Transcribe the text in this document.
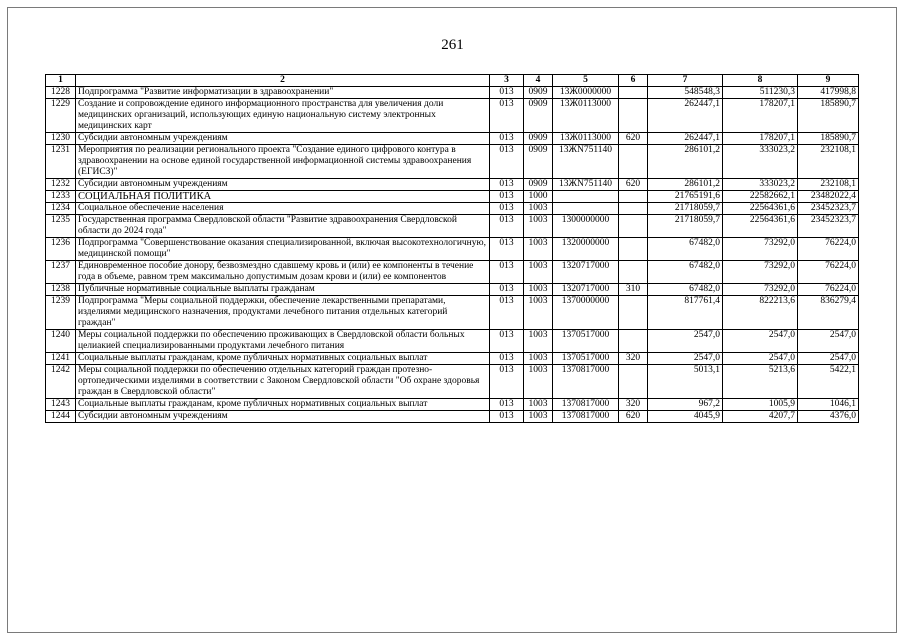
261
1	2	3	4	5	6	7	8	9
1228	Подпрограмма "Развитие информатизации в здравоохранении"	013	0909	13Ж0000000		548548,3	511230,3	417998,8
1229	Создание и сопровождение единого информационного пространства для увеличения доли медицинских организаций, использующих единую национальную систему электронных медицинских карт	013	0909	13Ж0113000		262447,1	178207,1	185890,7
1230	Субсидии автономным учреждениям	013	0909	13Ж0113000	620	262447,1	178207,1	185890,7
1231	Мероприятия по реализации регионального проекта "Создание единого цифрового контура в здравоохранении на основе единой государственной информационной системы здравоохранения (ЕГИСЗ)"	013	0909	13ЖN751140		286101,2	333023,2	232108,1
1232	Субсидии автономным учреждениям	013	0909	13ЖN751140	620	286101,2	333023,2	232108,1
1233	СОЦИАЛЬНАЯ ПОЛИТИКА	013	1000			21765191,6	22582662,1	23482022,4
1234	Социальное обеспечение населения	013	1003			21718059,7	22564361,6	23452323,7
1235	Государственная программа Свердловской области "Развитие здравоохранения Свердловской области до 2024 года"	013	1003	1300000000		21718059,7	22564361,6	23452323,7
1236	Подпрограмма "Совершенствование оказания специализированной, включая высокотехнологичную, медицинской помощи"	013	1003	1320000000		67482,0	73292,0	76224,0
1237	Единовременное пособие донору, безвозмездно сдавшему кровь и (или) ее компоненты в течение года в объеме, равном трем максимально допустимым дозам крови и (или) ее компонентов	013	1003	1320717000		67482,0	73292,0	76224,0
1238	Публичные нормативные социальные выплаты гражданам	013	1003	1320717000	310	67482,0	73292,0	76224,0
1239	Подпрограмма "Меры социальной поддержки, обеспечение лекарственными препаратами, изделиями медицинского назначения, продуктами лечебного питания отдельных категорий граждан"	013	1003	1370000000		817761,4	822213,6	836279,4
1240	Меры социальной поддержки по обеспечению проживающих в Свердловской области больных целиакией специализированными продуктами лечебного питания	013	1003	1370517000		2547,0	2547,0	2547,0
1241	Социальные выплаты гражданам, кроме публичных нормативных социальных выплат	013	1003	1370517000	320	2547,0	2547,0	2547,0
1242	Меры социальной поддержки по обеспечению отдельных категорий граждан протезно-ортопедическими изделиями в соответствии с Законом Свердловской области "Об охране здоровья граждан в Свердловской области"	013	1003	1370817000		5013,1	5213,6	5422,1
1243	Социальные выплаты гражданам, кроме публичных нормативных социальных выплат	013	1003	1370817000	320	967,2	1005,9	1046,1
1244	Субсидии автономным учреждениям	013	1003	1370817000	620	4045,9	4207,7	4376,0
